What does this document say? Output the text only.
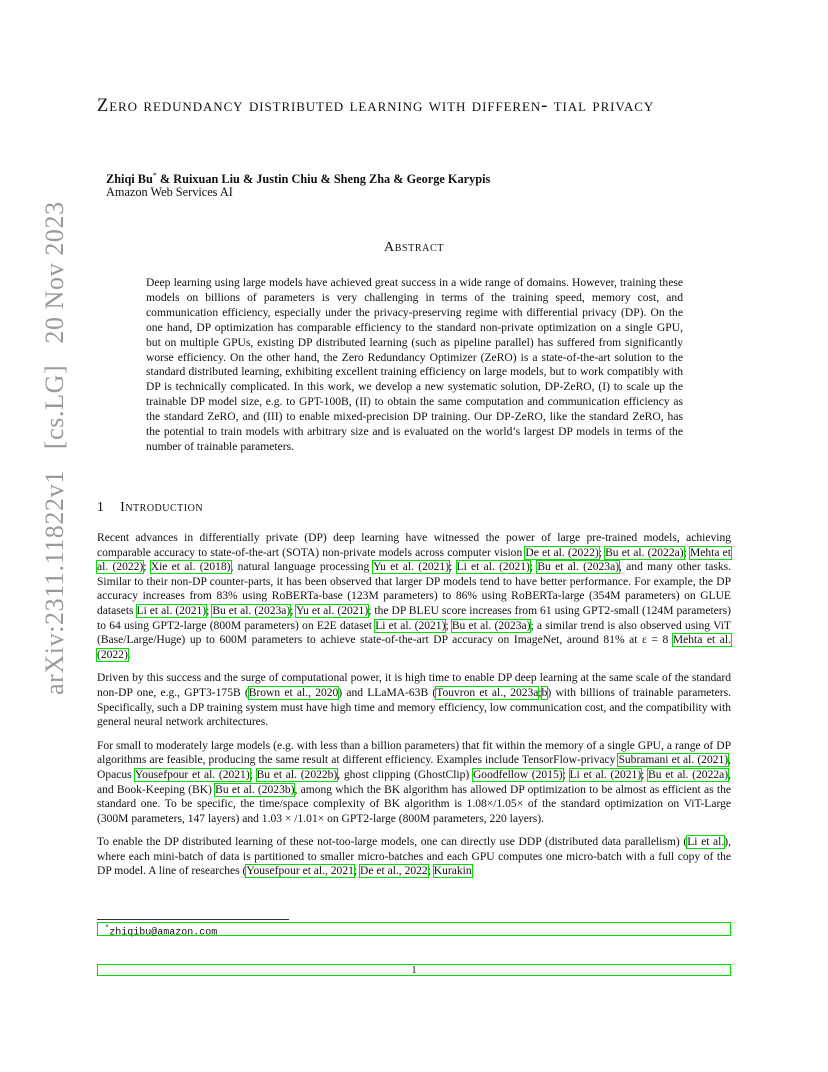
arXiv:2311.11822v1 [cs.LG] 20 Nov 2023
Zero redundancy distributed learning with differen- tial privacy
Zhiqi Bu* & Ruixuan Liu & Justin Chiu & Sheng Zha & George Karypis
Amazon Web Services AI
Abstract
Deep learning using large models have achieved great success in a wide range of domains. However, training these models on billions of parameters is very challenging in terms of the training speed, memory cost, and communication efficiency, especially under the privacy-preserving regime with differential privacy (DP). On the one hand, DP optimization has comparable efficiency to the standard non-private optimization on a single GPU, but on multiple GPUs, existing DP distributed learning (such as pipeline parallel) has suffered from significantly worse efficiency. On the other hand, the Zero Redundancy Optimizer (ZeRO) is a state-of-the-art solution to the standard distributed learning, exhibiting excellent training efficiency on large models, but to work compatibly with DP is technically complicated. In this work, we develop a new systematic solution, DP-ZeRO, (I) to scale up the trainable DP model size, e.g. to GPT-100B, (II) to obtain the same computation and communication efficiency as the standard ZeRO, and (III) to enable mixed-precision DP training. Our DP-ZeRO, like the standard ZeRO, has the potential to train models with arbitrary size and is evaluated on the world’s largest DP models in terms of the number of trainable parameters.
1 Introduction

Recent advances in differentially private (DP) deep learning have witnessed the power of large pre-trained models, achieving comparable accuracy to state-of-the-art (SOTA) non-private models across computer vision De et al. (2022); Bu et al. (2022a); Mehta et al. (2022); Xie et al. (2018), natural language processing Yu et al. (2021); Li et al. (2021); Bu et al. (2023a), and many other tasks. Similar to their non-DP counter-parts, it has been observed that larger DP models tend to have better performance. For example, the DP accuracy increases from 83% using RoBERTa-base (123M parameters) to 86% using RoBERTa-large (354M parameters) on GLUE datasets Li et al. (2021); Bu et al. (2023a); Yu et al. (2021); the DP BLEU score increases from 61 using GPT2-small (124M parameters) to 64 using GPT2-large (800M parameters) on E2E dataset Li et al. (2021); Bu et al. (2023a); a similar trend is also observed using ViT (Base/Large/Huge) up to 600M parameters to achieve state-of-the-art DP accuracy on ImageNet, around 81% at ε = 8 Mehta et al. (2022).

Driven by this success and the surge of computational power, it is high time to enable DP deep learning at the same scale of the standard non-DP one, e.g., GPT3-175B (Brown et al., 2020) and LLaMA-63B (Touvron et al., 2023a;b) with billions of trainable parameters. Specifically, such a DP training system must have high time and memory efficiency, low communication cost, and the compatibility with general neural network architectures.

For small to moderately large models (e.g. with less than a billion parameters) that fit within the memory of a single GPU, a range of DP algorithms are feasible, producing the same result at different efficiency. Examples include TensorFlow-privacy Subramani et al. (2021), Opacus Yousefpour et al. (2021); Bu et al. (2022b), ghost clipping (GhostClip) Goodfellow (2015); Li et al. (2021); Bu et al. (2022a), and Book-Keeping (BK) Bu et al. (2023b), among which the BK algorithm has allowed DP optimization to be almost as efficient as the standard one. To be specific, the time/space complexity of BK algorithm is 1.08×/1.05× of the standard optimization on ViT-Large (300M parameters, 147 layers) and 1.03 × /1.01× on GPT2-large (800M parameters, 220 layers).

To enable the DP distributed learning of these not-too-large models, one can directly use DDP (distributed data parallelism) (Li et al.), where each mini-batch of data is partitioned to smaller micro-batches and each GPU computes one micro-batch with a full copy of the DP model. A line of researches (Yousefpour et al., 2021; De et al., 2022; Kurakin

*zhiqibu@amazon.com
1
